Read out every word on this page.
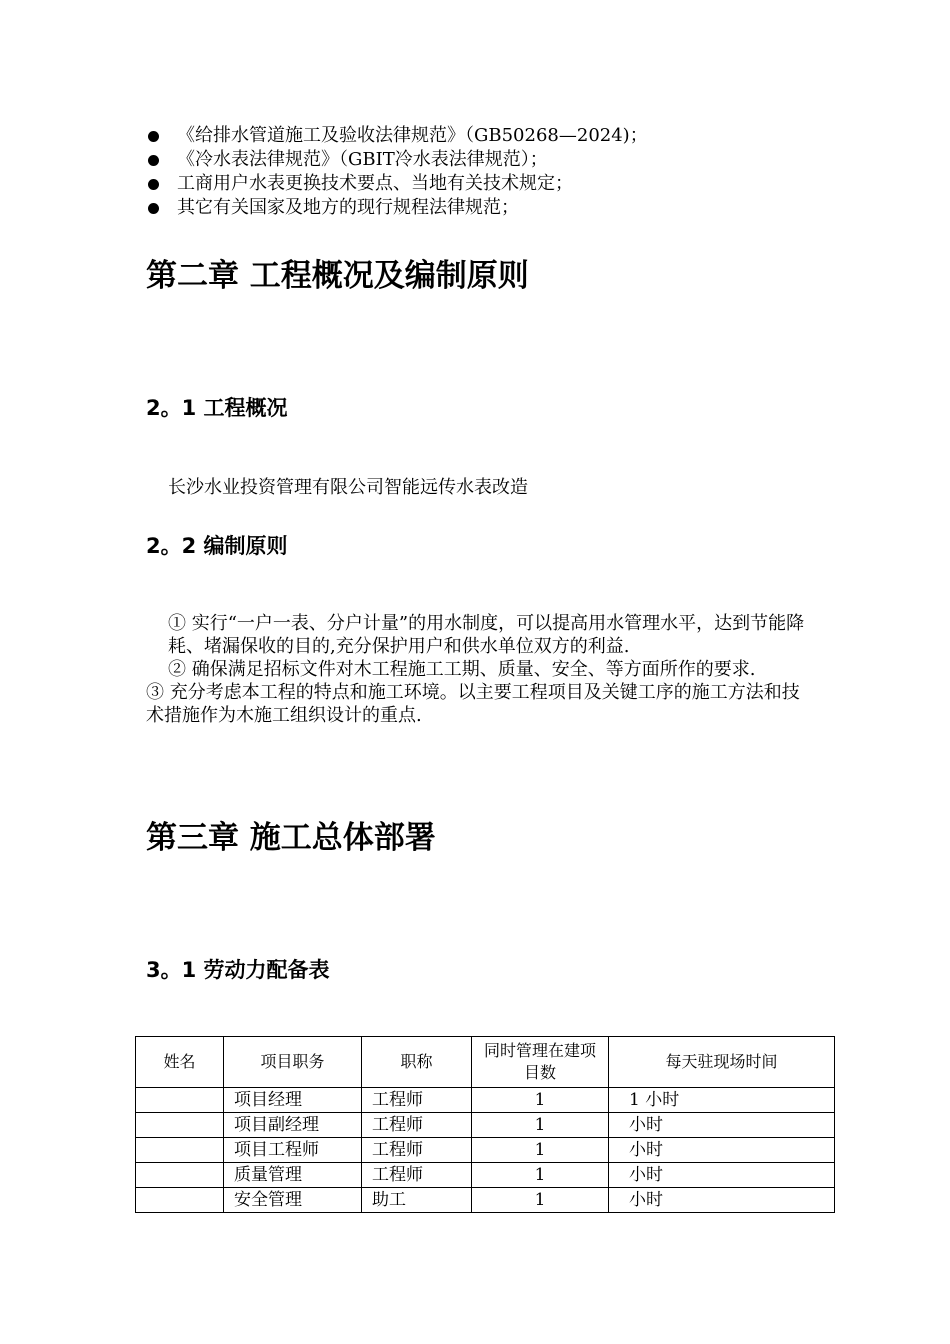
《给排水管道施工及验收法律规范》（GB50268—2024)；
《冷水表法律规范》（GBIT冷水表法律规范）；
工商用户水表更换技术要点、当地有关技术规定；
其它有关国家及地方的现行规程法律规范；
第二章 工程概况及编制原则
2。1 工程概况

长沙水业投资管理有限公司智能远传水表改造

2。2 编制原则

① 实行“一户一表、分户计量”的用水制度，可以提高用水管理水平，达到节能降耗、堵漏保收的目的,充分保护用户和供水单位双方的利益.

② 确保满足招标文件对木工程施工工期、质量、安全、等方面所作的要求.

③ 充分考虑本工程的特点和施工环境。以主要工程项目及关键工序的施工方法和技术措施作为木施工组织设计的重点.

第三章 施工总体部署
3。1 劳动力配备表
姓名	项目职务	职称	同时管理在建项目数	每天驻现场时间
	项目经理	工程师	1	1 小时
	项目副经理	工程师	1	小时
	项目工程师	工程师	1	小时
	质量管理	工程师	1	小时
	安全管理	助工	1	小时
